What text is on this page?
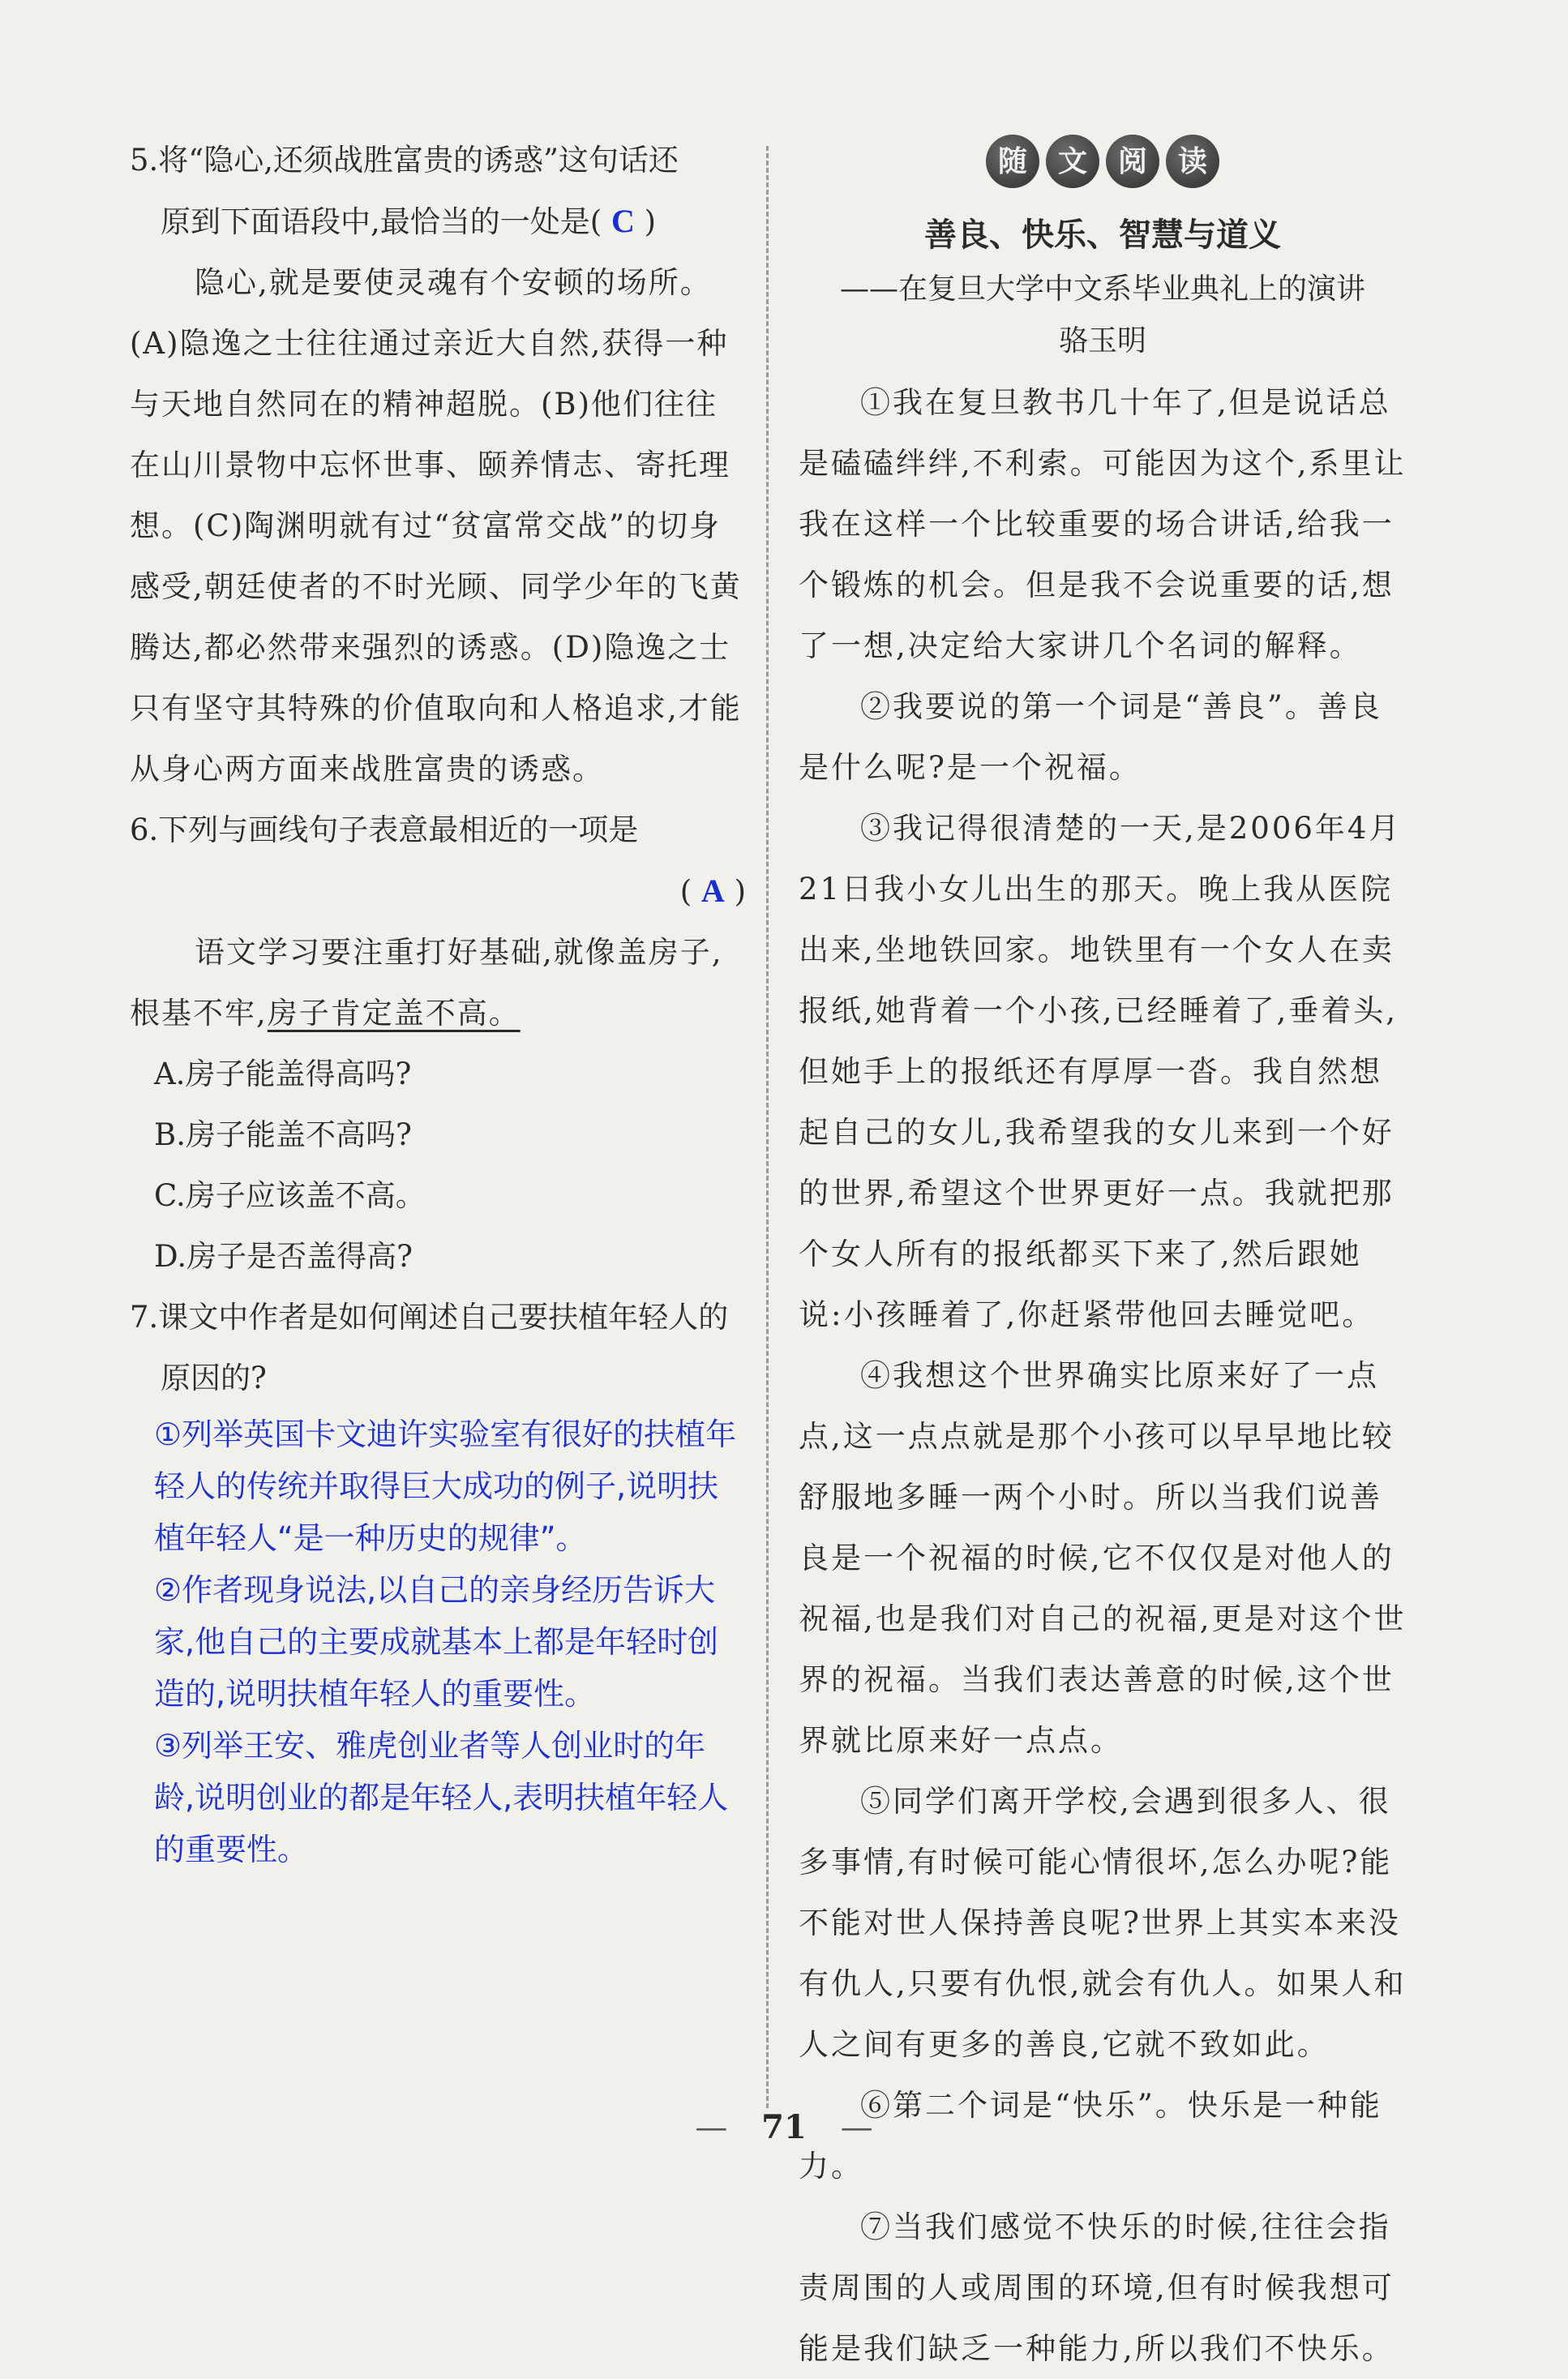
5.将“隐心,还须战胜富贵的诱惑”这句话还

原到下面语段中,最恰当的一处是( C )

隐心,就是要使灵魂有个安顿的场所。(A)隐逸之士往往通过亲近大自然,获得一种与天地自然同在的精神超脱。(B)他们往往在山川景物中忘怀世事、颐养情志、寄托理想。(C)陶渊明就有过“贫富常交战”的切身感受,朝廷使者的不时光顾、同学少年的飞黄腾达,都必然带来强烈的诱惑。(D)隐逸之士只有坚守其特殊的价值取向和人格追求,才能从身心两方面来战胜富贵的诱惑。

6.下列与画线句子表意最相近的一项是

( A )

语文学习要注重打好基础,就像盖房子,根基不牢,房子肯定盖不高。

A.房子能盖得高吗?

B.房子能盖不高吗?

C.房子应该盖不高。

D.房子是否盖得高?

7.课文中作者是如何阐述自己要扶植年轻人的原因的?

①列举英国卡文迪许实验室有很好的扶植年轻人的传统并取得巨大成功的例子,说明扶植年轻人“是一种历史的规律”。

②作者现身说法,以自己的亲身经历告诉大家,他自己的主要成就基本上都是年轻时创造的,说明扶植年轻人的重要性。

③列举王安、雅虎创业者等人创业时的年龄,说明创业的都是年轻人,表明扶植年轻人的重要性。

随	文	阅	读

善良、快乐、智慧与道义

——在复旦大学中文系毕业典礼上的演讲

骆玉明

①我在复旦教书几十年了,但是说话总是磕磕绊绊,不利索。可能因为这个,系里让我在这样一个比较重要的场合讲话,给我一个锻炼的机会。但是我不会说重要的话,想了一想,决定给大家讲几个名词的解释。

②我要说的第一个词是“善良”。善良是什么呢?是一个祝福。

③我记得很清楚的一天,是2006年4月21日我小女儿出生的那天。晚上我从医院出来,坐地铁回家。地铁里有一个女人在卖报纸,她背着一个小孩,已经睡着了,垂着头,但她手上的报纸还有厚厚一沓。我自然想起自己的女儿,我希望我的女儿来到一个好的世界,希望这个世界更好一点。我就把那个女人所有的报纸都买下来了,然后跟她说:小孩睡着了,你赶紧带他回去睡觉吧。

④我想这个世界确实比原来好了一点点,这一点点就是那个小孩可以早早地比较舒服地多睡一两个小时。所以当我们说善良是一个祝福的时候,它不仅仅是对他人的祝福,也是我们对自己的祝福,更是对这个世界的祝福。当我们表达善意的时候,这个世界就比原来好一点点。

⑤同学们离开学校,会遇到很多人、很多事情,有时候可能心情很坏,怎么办呢?能不能对世人保持善良呢?世界上其实本来没有仇人,只要有仇恨,就会有仇人。如果人和人之间有更多的善良,它就不致如此。

⑥第二个词是“快乐”。快乐是一种能力。

⑦当我们感觉不快乐的时候,往往会指责周围的人或周围的环境,但有时候我想可能是我们缺乏一种能力,所以我们不快乐。

— 71 —
